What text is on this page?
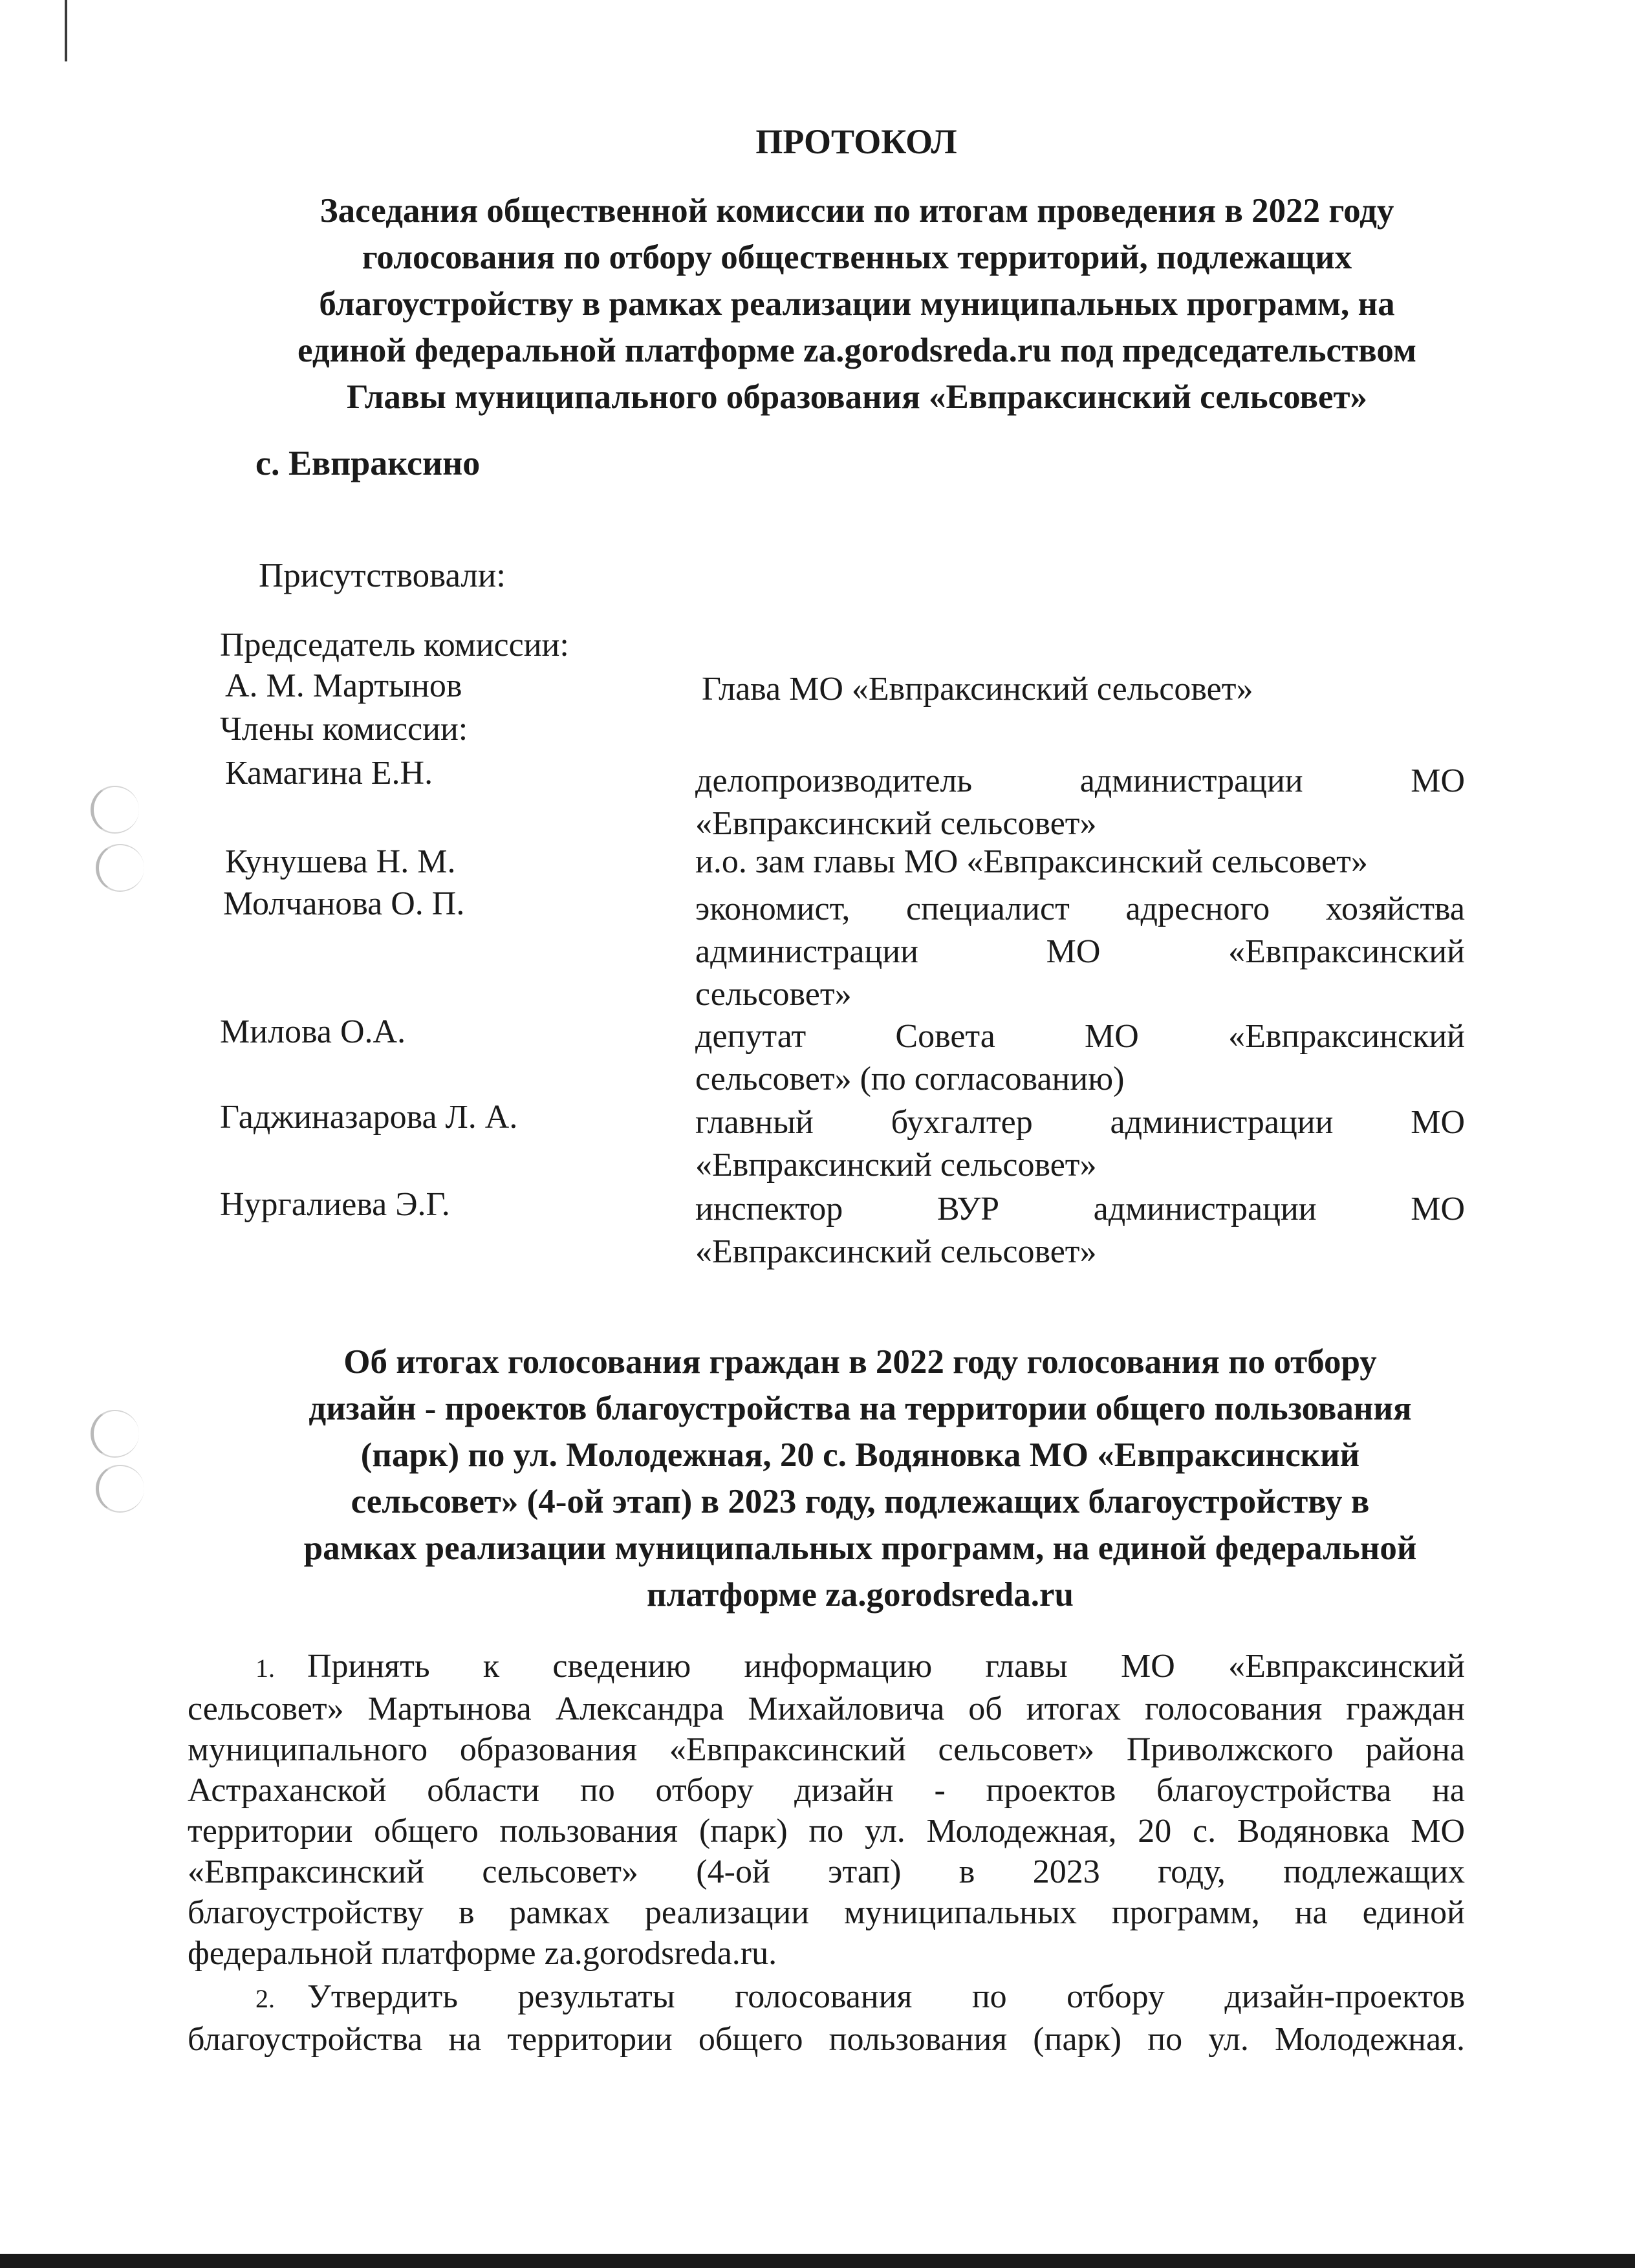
ПРОТОКОЛ
Заседания общественной комиссии по итогам проведения в 2022 году
голосования по отбору общественных территорий, подлежащих
благоустройству в рамках реализации муниципальных программ, на
единой федеральной платформе za.gorodsreda.ru под председательством
Главы муниципального образования «Евпраксинский сельсовет»
с. Евпраксино
Присутствовали:
Председатель комиссии:
А. М. Мартынов	Глава МО «Евпраксинский сельсовет»
Члены комиссии:
Камагина Е.Н.	делопроизводитель администрации МО
«Евпраксинский сельсовет»
Кунушева Н. М.	и.о. зам главы МО «Евпраксинский сельсовет»
Молчанова О. П.	экономист, специалист адресного хозяйства
администрации МО «Евпраксинский
сельсовет»
Милова О.А.	депутат Совета МО «Евпраксинский
сельсовет» (по согласованию)
Гаджиназарова Л. А.	главный бухгалтер администрации МО
«Евпраксинский сельсовет»
Нургалиева Э.Г.	инспектор ВУР администрации МО
«Евпраксинский сельсовет»
Об итогах голосования граждан в 2022 году голосования по отбору
дизайн - проектов благоустройства на территории общего пользования
(парк) по ул. Молодежная, 20 с. Водяновка МО «Евпраксинский
сельсовет» (4-ой этап) в 2023 году, подлежащих благоустройству в
рамках реализации муниципальных программ, на единой федеральной
платформе za.gorodsreda.ru
1. Принять к сведению информацию главы МО «Евпраксинский
сельсовет» Мартынова Александра Михайловича об итогах голосования граждан
муниципального образования «Евпраксинский сельсовет» Приволжского района
Астраханской области по отбору дизайн - проектов благоустройства на
территории общего пользования (парк) по ул. Молодежная, 20 с. Водяновка МО
«Евпраксинский сельсовет» (4-ой этап) в 2023 году, подлежащих
благоустройству в рамках реализации муниципальных программ, на единой
федеральной платформе za.gorodsreda.ru.
2. Утвердить результаты голосования по отбору дизайн-проектов
благоустройства на территории общего пользования (парк) по ул. Молодежная.
